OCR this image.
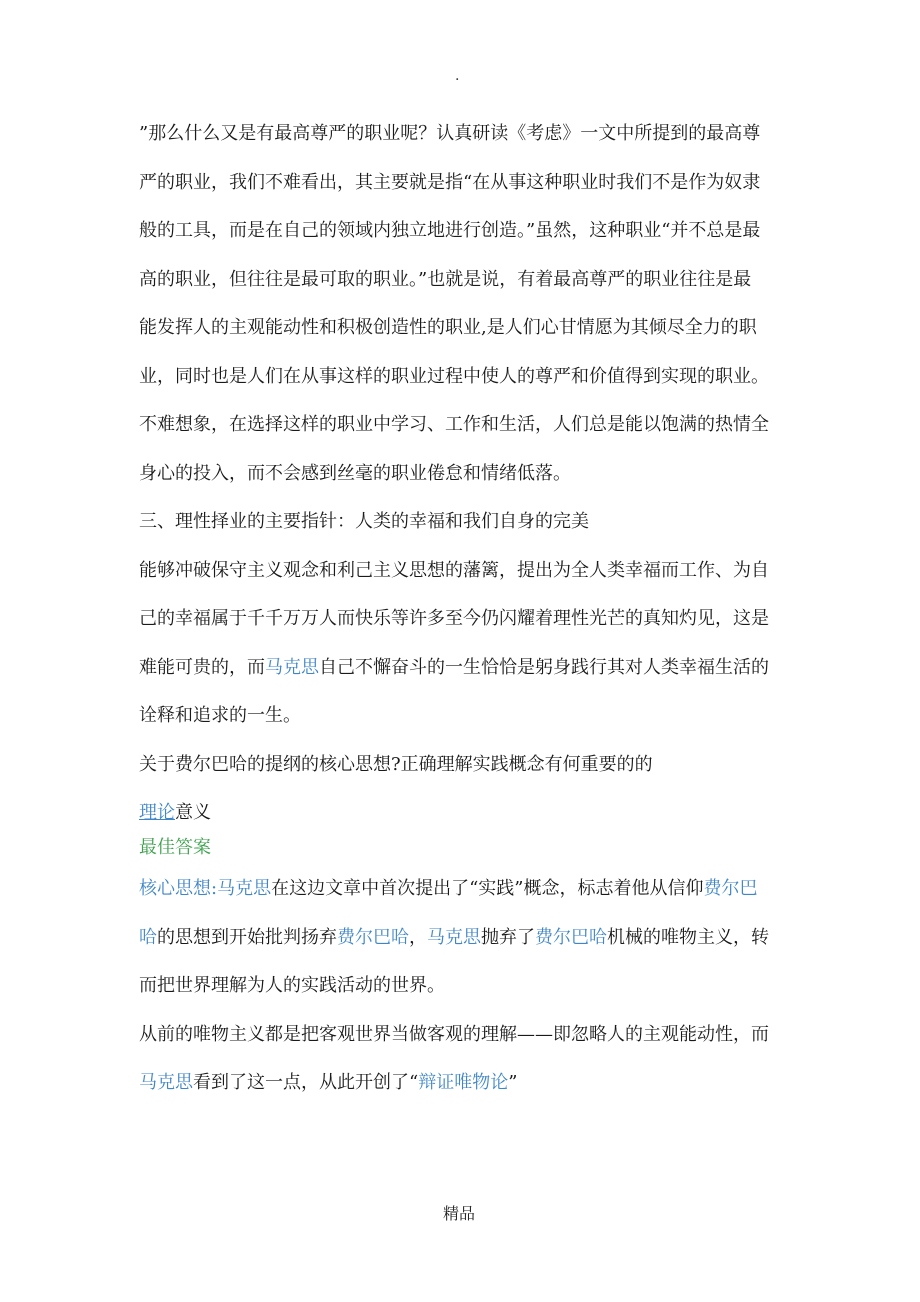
.

”那么什么又是有最高尊严的职业呢？认真研读《考虑》一文中所提到的最高尊
严的职业，我们不难看出，其主要就是指“在从事这种职业时我们不是作为奴隶
般的工具，而是在自己的领域内独立地进行创造。”虽然，这种职业“并不总是最
高的职业，但往往是最可取的职业。”也就是说，有着最高尊严的职业往往是最
能发挥人的主观能动性和积极创造性的职业,是人们心甘情愿为其倾尽全力的职
业，同时也是人们在从事这样的职业过程中使人的尊严和价值得到实现的职业。
不难想象，在选择这样的职业中学习、工作和生活，人们总是能以饱满的热情全
身心的投入，而不会感到丝毫的职业倦怠和情绪低落。

三、理性择业的主要指针：人类的幸福和我们自身的完美

能够冲破保守主义观念和利己主义思想的藩篱，提出为全人类幸福而工作、为自
己的幸福属于千千万万人而快乐等许多至今仍闪耀着理性光芒的真知灼见，这是
难能可贵的，而马克思自己不懈奋斗的一生恰恰是躬身践行其对人类幸福生活的
诠释和追求的一生。

关于费尔巴哈的提纲的核心思想?正确理解实践概念有何重要的的

理论意义

最佳答案

核心思想:马克思在这边文章中首次提出了“实践”概念，标志着他从信仰费尔巴
哈的思想到开始批判扬弃费尔巴哈，马克思抛弃了费尔巴哈机械的唯物主义，转
而把世界理解为人的实践活动的世界。

从前的唯物主义都是把客观世界当做客观的理解——即忽略人的主观能动性，而
马克思看到了这一点，从此开创了“辩证唯物论”

精品
